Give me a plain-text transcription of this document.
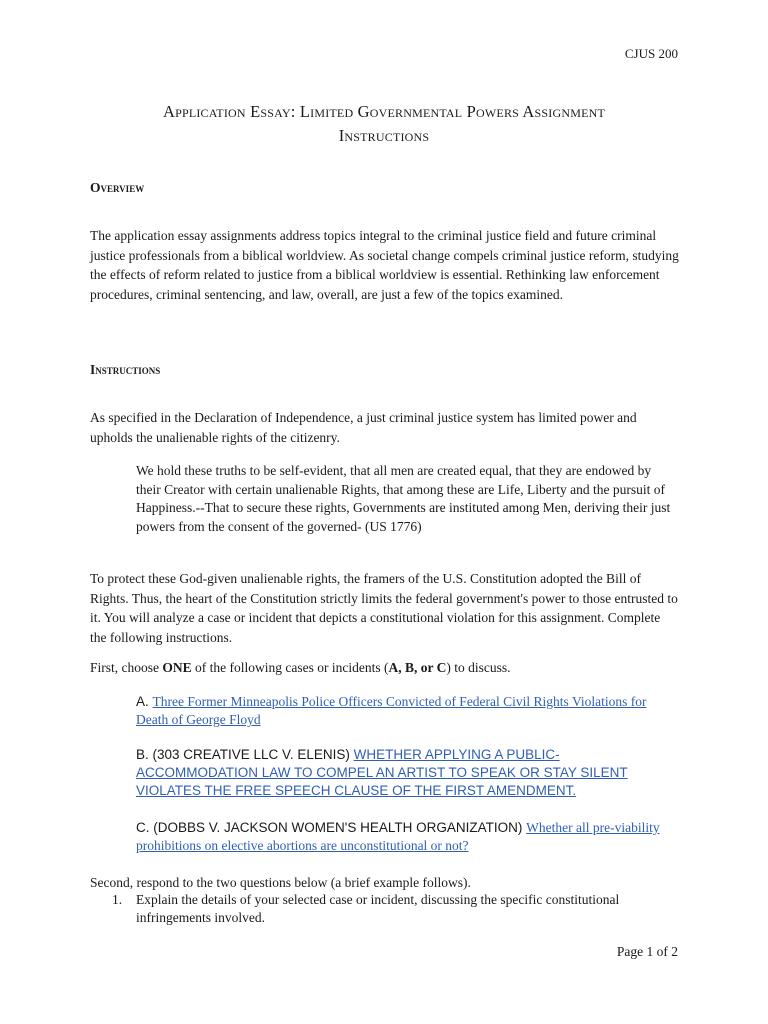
CJUS 200
Application Essay: Limited Governmental Powers Assignment
Instructions
Overview
The application essay assignments address topics integral to the criminal justice field and future criminal justice professionals from a biblical worldview. As societal change compels criminal justice reform, studying the effects of reform related to justice from a biblical worldview is essential. Rethinking law enforcement procedures, criminal sentencing, and law, overall, are just a few of the topics examined.
Instructions
As specified in the Declaration of Independence, a just criminal justice system has limited power and upholds the unalienable rights of the citizenry.
We hold these truths to be self-evident, that all men are created equal, that they are endowed by their Creator with certain unalienable Rights, that among these are Life, Liberty and the pursuit of Happiness.--That to secure these rights, Governments are instituted among Men, deriving their just powers from the consent of the governed- (US 1776)
To protect these God-given unalienable rights, the framers of the U.S. Constitution adopted the Bill of Rights. Thus, the heart of the Constitution strictly limits the federal government's power to those entrusted to it. You will analyze a case or incident that depicts a constitutional violation for this assignment. Complete the following instructions.
First, choose ONE of the following cases or incidents (A, B, or C) to discuss.
A. Three Former Minneapolis Police Officers Convicted of Federal Civil Rights Violations for Death of George Floyd
B. (303 CREATIVE LLC V. ELENIS) WHETHER APPLYING A PUBLIC-ACCOMMODATION LAW TO COMPEL AN ARTIST TO SPEAK OR STAY SILENT VIOLATES THE FREE SPEECH CLAUSE OF THE FIRST AMENDMENT.
C. (DOBBS V. JACKSON WOMEN'S HEALTH ORGANIZATION) Whether all pre-viability prohibitions on elective abortions are unconstitutional or not?
Second, respond to the two questions below (a brief example follows).
1. Explain the details of your selected case or incident, discussing the specific constitutional infringements involved.
Page 1 of 2
